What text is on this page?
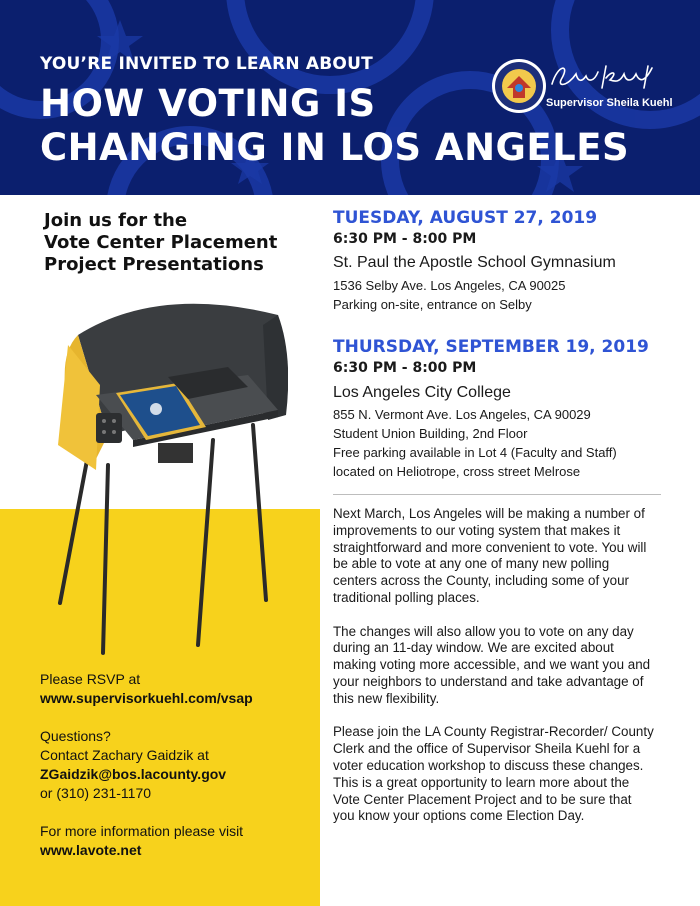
YOU’RE INVITED TO LEARN ABOUT
HOW VOTING IS
CHANGING IN LOS ANGELES
Supervisor Sheila Kuehl
Join us for the
Vote Center Placement
Project Presentations
Please RSVP at
www.supervisorkuehl.com/vsap
Questions?
Contact Zachary Gaidzik at
ZGaidzik@bos.lacounty.gov
or (310) 231-1170
For more information please visit
www.lavote.net
TUESDAY, AUGUST 27, 2019
6:30 PM - 8:00 PM
St. Paul the Apostle School Gymnasium
1536 Selby Ave. Los Angeles, CA 90025
Parking on-site, entrance on Selby
THURSDAY, SEPTEMBER 19, 2019
6:30 PM - 8:00 PM
Los Angeles City College
855 N. Vermont Ave. Los Angeles, CA 90029
Student Union Building, 2nd Floor
Free parking available in Lot 4 (Faculty and Staff)
located on Heliotrope, cross street Melrose

Next March, Los Angeles will be making a number of improvements to our voting system that makes it straightforward and more convenient to vote. You will be able to vote at any one of many new polling centers across the County, including some of your traditional polling places.

The changes will also allow you to vote on any day during an 11-day window. We are excited about making voting more accessible, and we want you and your neighbors to understand and take advantage of this new flexibility.

Please join the LA County Registrar-Recorder/ County Clerk and the office of Supervisor Sheila Kuehl for a voter education workshop to discuss these changes. This is a great opportunity to learn more about the Vote Center Placement Project and to be sure that you know your options come Election Day.
